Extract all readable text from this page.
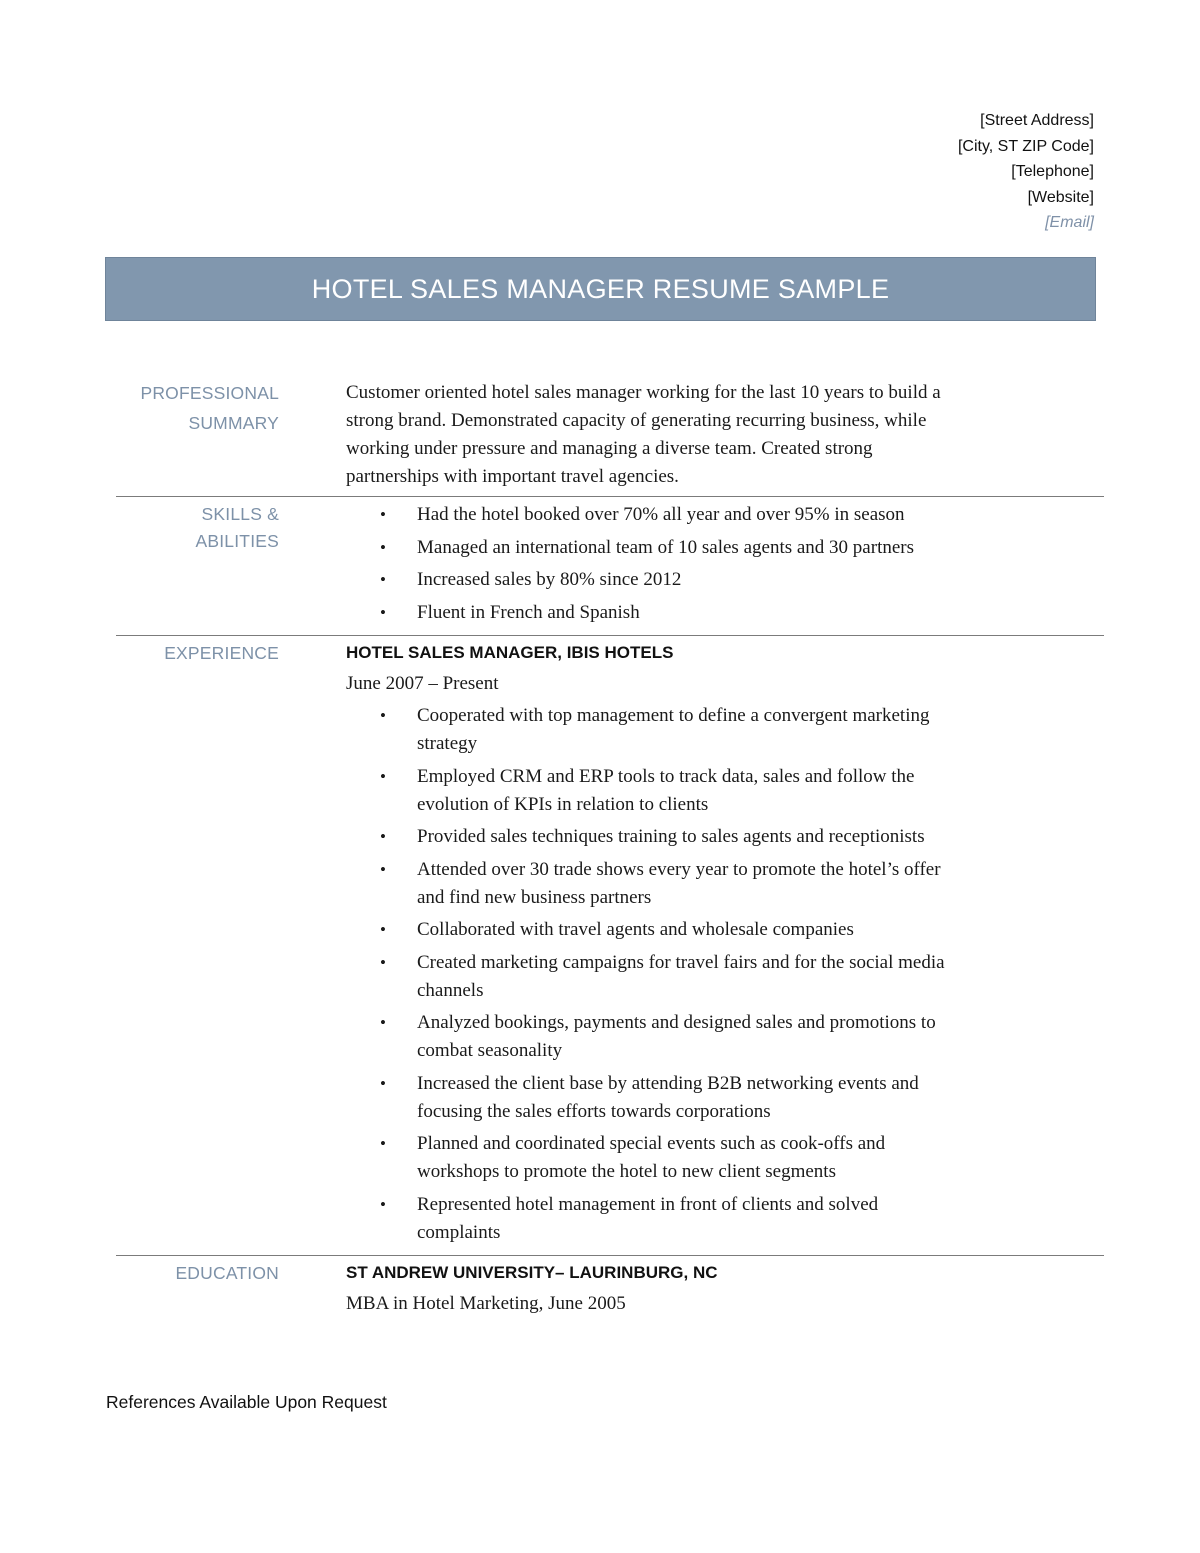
[Street Address]
[City, ST ZIP Code]
[Telephone]
[Website]
[Email]
HOTEL SALES MANAGER RESUME SAMPLE
PROFESSIONAL
SUMMARY
Customer oriented hotel sales manager working for the last 10 years to build a strong brand. Demonstrated capacity of generating recurring business, while working under pressure and managing a diverse team. Created strong partnerships with important travel agencies.
SKILLS & ABILITIES
• Had the hotel booked over 70% all year and over 95% in season
• Managed an international team of 10 sales agents and 30 partners
• Increased sales by 80% since 2012
• Fluent in French and Spanish
EXPERIENCE	HOTEL SALES MANAGER, IBIS HOTELS
June 2007 – Present
• Cooperated with top management to define a convergent marketing strategy
• Employed CRM and ERP tools to track data, sales and follow the evolution of KPIs in relation to clients
• Provided sales techniques training to sales agents and receptionists
• Attended over 30 trade shows every year to promote the hotel’s offer and find new business partners
• Collaborated with travel agents and wholesale companies
• Created marketing campaigns for travel fairs and for the social media channels
• Analyzed bookings, payments and designed sales and promotions to combat seasonality
• Increased the client base by attending B2B networking events and focusing the sales efforts towards corporations
• Planned and coordinated special events such as cook-offs and workshops to promote the hotel to new client segments
• Represented hotel management in front of clients and solved complaints
EDUCATION	ST ANDREW UNIVERSITY– LAURINBURG, NC
MBA in Hotel Marketing, June 2005
References Available Upon Request
